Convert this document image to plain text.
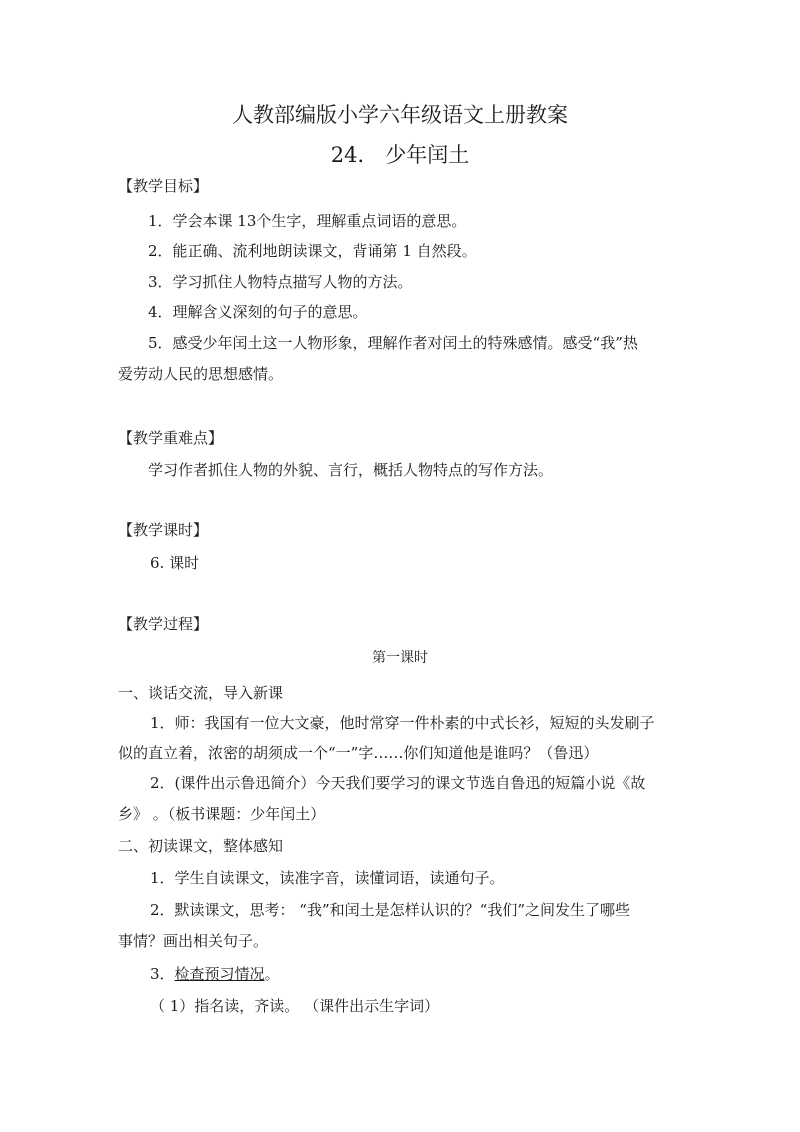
人教部编版小学六年级语文上册教案
24． 少年闰土
【教学目标】
1．学会本课 13个生字，理解重点词语的意思。
2．能正确、流利地朗读课文，背诵第 1 自然段。
3．学习抓住人物特点描写人物的方法。
4．理解含义深刻的句子的意思。
5．感受少年闰土这一人物形象，理解作者对闰土的特殊感情。感受“我”热
爱劳动人民的思想感情。
【教学重难点】
学习作者抓住人物的外貌、言行，概括人物特点的写作方法。
【教学课时】
6. 课时
【教学过程】
第一课时
一、谈话交流，导入新课
1．师：我国有一位大文豪，他时常穿一件朴素的中式长衫，短短的头发刷子
似的直立着，浓密的胡须成一个“一”字……你们知道他是谁吗？（鲁迅）
2．(课件出示鲁迅简介）今天我们要学习的课文节选自鲁迅的短篇小说《故
乡》 。（板书课题：少年闰土）
二、初读课文，整体感知
1．学生自读课文，读准字音，读懂词语，读通句子。
2．默读课文，思考： “我”和闰土是怎样认识的？“我们”之间发生了哪些
事情？画出相关句子。
3．检查预习情况。
（ 1）指名读，齐读。 （课件出示生字词）
